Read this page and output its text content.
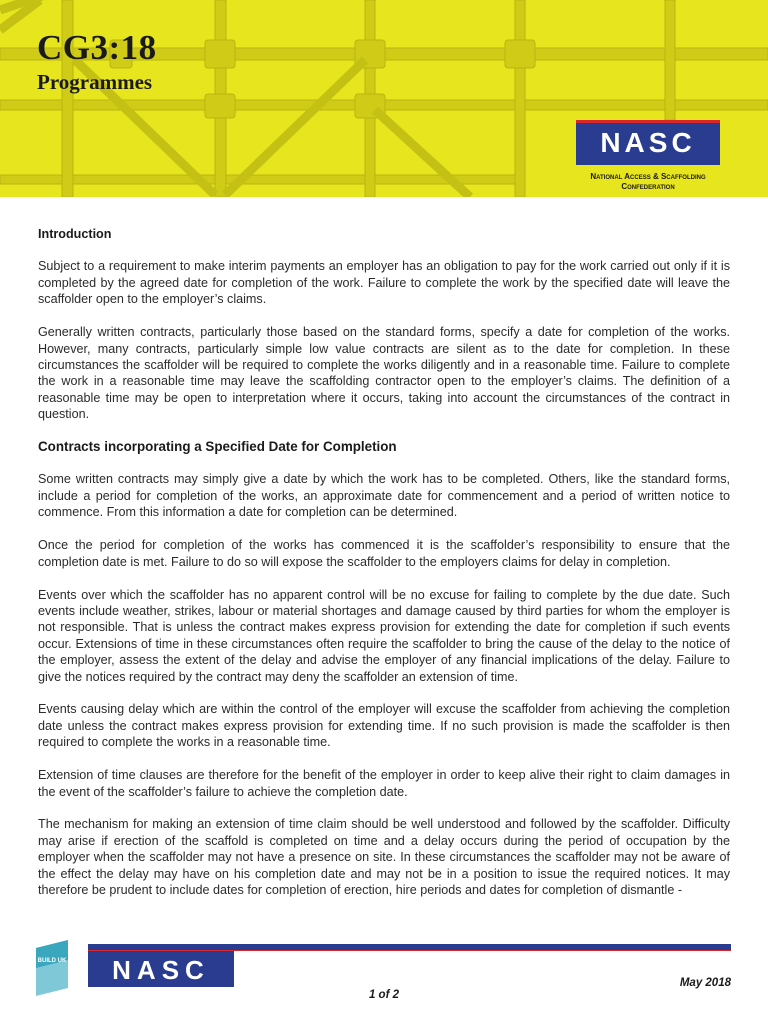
CG3:18
Programmes
NASC
National Access & Scaffolding
Confederation
Introduction

Subject to a requirement to make interim payments an employer has an obligation to pay for the work carried out only if it is completed by the agreed date for completion of the work. Failure to complete the work by the specified date will leave the scaffolder open to the employer’s claims.

Generally written contracts, particularly those based on the standard forms, specify a date for completion of the works. However, many contracts, particularly simple low value contracts are silent as to the date for completion. In these circumstances the scaffolder will be required to complete the works diligently and in a reasonable time. Failure to complete the work in a reasonable time may leave the scaffolding contractor open to the employer’s claims. The definition of a reasonable time may be open to interpretation where it occurs, taking into account the circumstances of the contract in question.

Contracts incorporating a Specified Date for Completion

Some written contracts may simply give a date by which the work has to be completed. Others, like the standard forms, include a period for completion of the works, an approximate date for commencement and a period of written notice to commence. From this information a date for completion can be determined.

Once the period for completion of the works has commenced it is the scaffolder’s responsibility to ensure that the completion date is met. Failure to do so will expose the scaffolder to the employers claims for delay in completion.

Events over which the scaffolder has no apparent control will be no excuse for failing to complete by the due date. Such events include weather, strikes, labour or material shortages and damage caused by third parties for whom the employer is not responsible. That is unless the contract makes express provision for extending the date for completion if such events occur. Extensions of time in these circumstances often require the scaffolder to bring the cause of the delay to the notice of the employer, assess the extent of the delay and advise the employer of any financial implications of the delay. Failure to give the notices required by the contract may deny the scaffolder an extension of time.

Events causing delay which are within the control of the employer will excuse the scaffolder from achieving the completion date unless the contract makes express provision for extending time. If no such provision is made the scaffolder is then required to complete the works in a reasonable time.

Extension of time clauses are therefore for the benefit of the employer in order to keep alive their right to claim damages in the event of the scaffolder’s failure to achieve the completion date.

The mechanism for making an extension of time claim should be well understood and followed by the scaffolder. Difficulty may arise if erection of the scaffold is completed on time and a delay occurs during the period of occupation by the employer when the scaffolder may not have a presence on site. In these circumstances the scaffolder may not be aware of the effect the delay may have on his completion date and may not be in a position to issue the required notices. It may therefore be prudent to include dates for completion of erection, hire periods and dates for completion of dismantle -

BUILD UK	NASC	May 2018
1 of 2
